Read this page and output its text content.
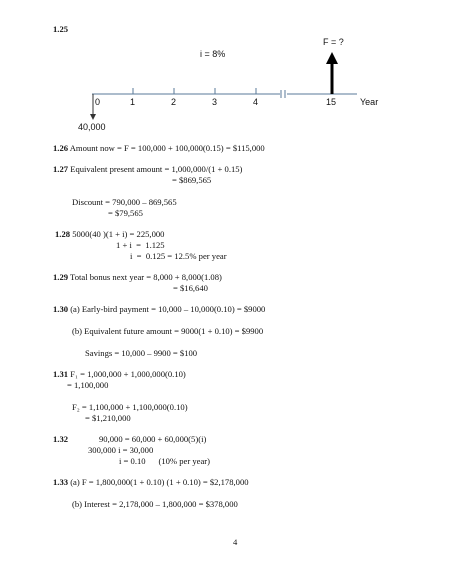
1.25
i = 8%
F = ?
0	1	2	3	4	15	Year
40,000
1.26 Amount now = F = 100,000 + 100,000(0.15) = $115,000
1.27 Equivalent present amount = 1,000,000/(1 + 0.15)
= $869,565
Discount = 790,000 – 869,565
= $79,565
1.28 5000(40 )(1 + i) = 225,000
1 + i  =  1.125
i  =  0.125 = 12.5% per year
1.29 Total bonus next year = 8,000 + 8,000(1.08)
= $16,640
1.30 (a) Early-bird payment = 10,000 – 10,000(0.10) = $9000
(b) Equivalent future amount = 9000(1 + 0.10) = $9900
Savings = 10,000 – 9900 = $100
1.31 F₁ = 1,000,000 + 1,000,000(0.10)
= 1,100,000
F₂ = 1,100,000 + 1,100,000(0.10)
= $1,210,000
1.32	90,000 = 60,000 + 60,000(5)(i)
300,000 i = 30,000
i = 0.10      (10% per year)
1.33 (a) F = 1,800,000(1 + 0.10) (1 + 0.10) = $2,178,000
(b) Interest = 2,178,000 – 1,800,000 = $378,000
4
